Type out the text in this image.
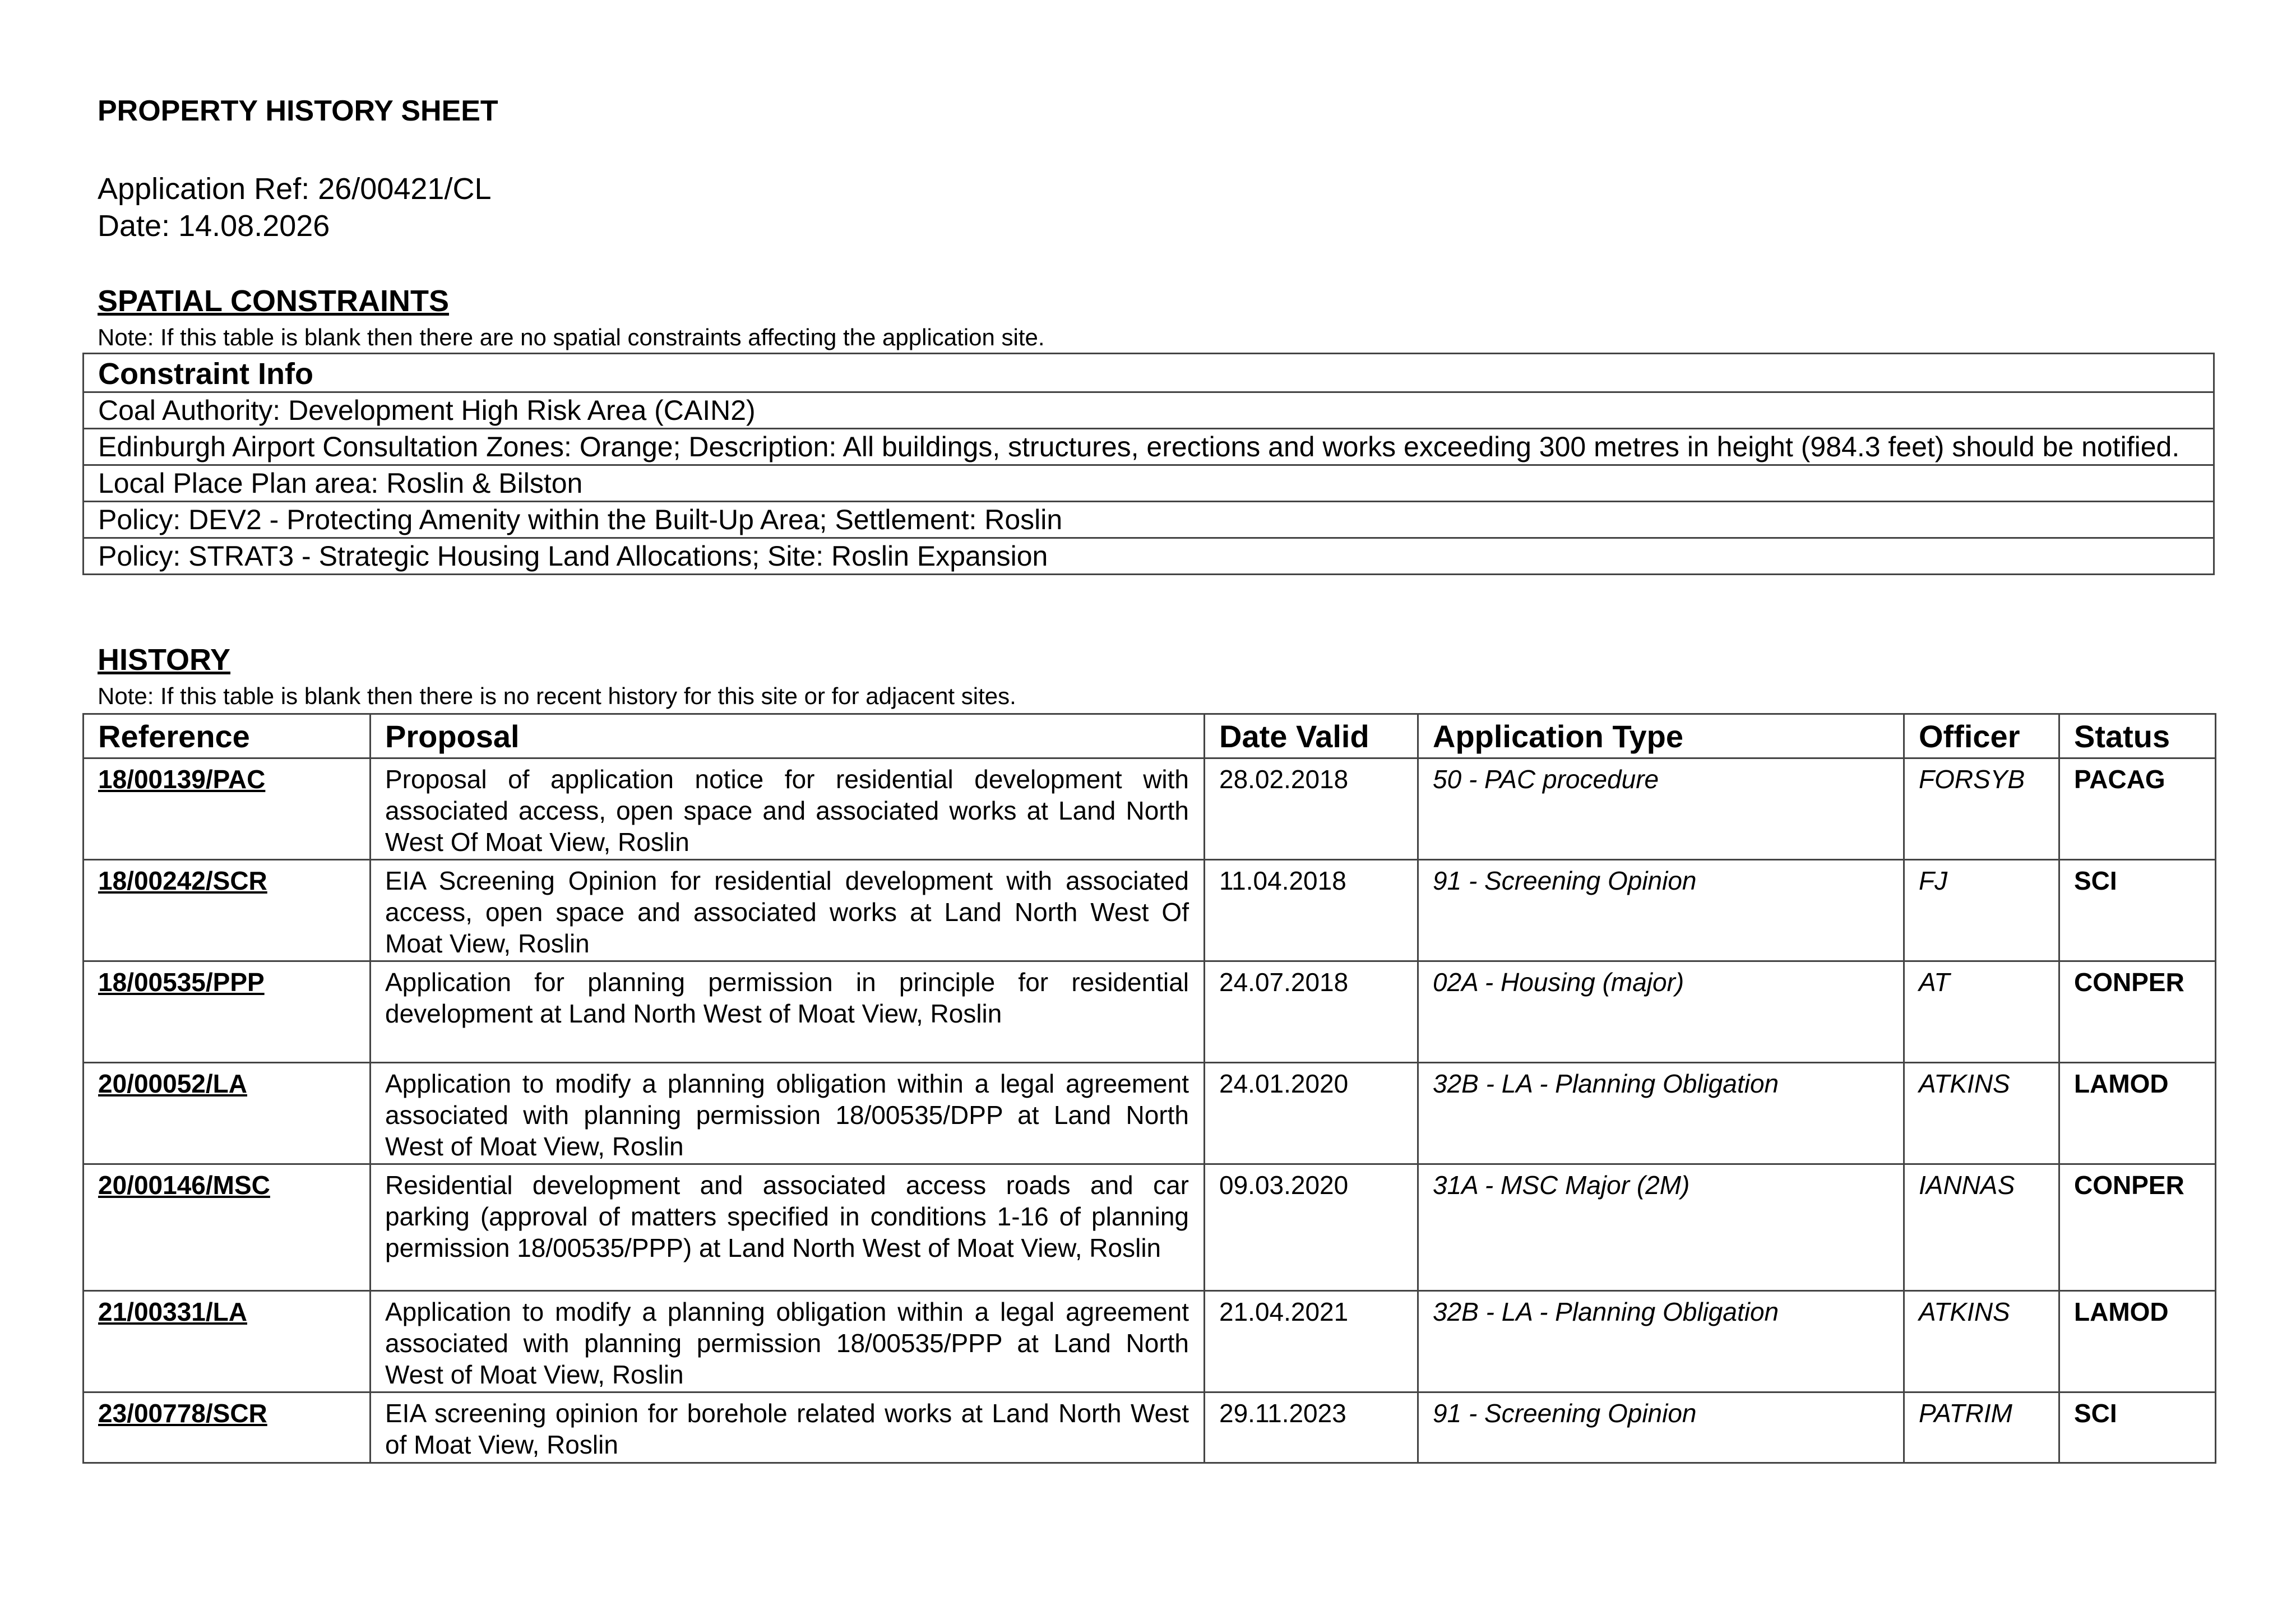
PROPERTY HISTORY SHEET
Application Ref: 26/00421/CL
Date: 14.08.2026
SPATIAL CONSTRAINTS
Note: If this table is blank then there are no spatial constraints affecting the application site.
Constraint Info
Coal Authority: Development High Risk Area (CAIN2)
Edinburgh Airport Consultation Zones: Orange; Description: All buildings, structures, erections and works exceeding 300 metres in height (984.3 feet) should be notified.
Local Place Plan area: Roslin & Bilston
Policy: DEV2 - Protecting Amenity within the Built-Up Area; Settlement: Roslin
Policy: STRAT3 - Strategic Housing Land Allocations; Site: Roslin Expansion
HISTORY
Note: If this table is blank then there is no recent history for this site or for adjacent sites.
Reference	Proposal	Date Valid	Application Type	Officer	Status
18/00139/PAC	Proposal of application notice for residential development with associated access, open space and associated works at Land North West Of Moat View, Roslin	28.02.2018	50 - PAC procedure	FORSYB	PACAG
18/00242/SCR	EIA Screening Opinion for residential development with associated access, open space and associated works at Land North West Of Moat View, Roslin	11.04.2018	91 - Screening Opinion	FJ	SCI
18/00535/PPP	Application for planning permission in principle for residential development at Land North West of Moat View, Roslin	24.07.2018	02A - Housing (major)	AT	CONPER
20/00052/LA	Application to modify a planning obligation within a legal agreement associated with planning permission 18/00535/DPP at Land North West of Moat View, Roslin	24.01.2020	32B - LA - Planning Obligation	ATKINS	LAMOD
20/00146/MSC	Residential development and associated access roads and car parking (approval of matters specified in conditions 1-16 of planning permission 18/00535/PPP) at Land North West of Moat View, Roslin	09.03.2020	31A - MSC Major (2M)	IANNAS	CONPER
21/00331/LA	Application to modify a planning obligation within a legal agreement associated with planning permission 18/00535/PPP at Land North West of Moat View, Roslin	21.04.2021	32B - LA - Planning Obligation	ATKINS	LAMOD
23/00778/SCR	EIA screening opinion for borehole related works at Land North West of Moat View, Roslin	29.11.2023	91 - Screening Opinion	PATRIM	SCI
